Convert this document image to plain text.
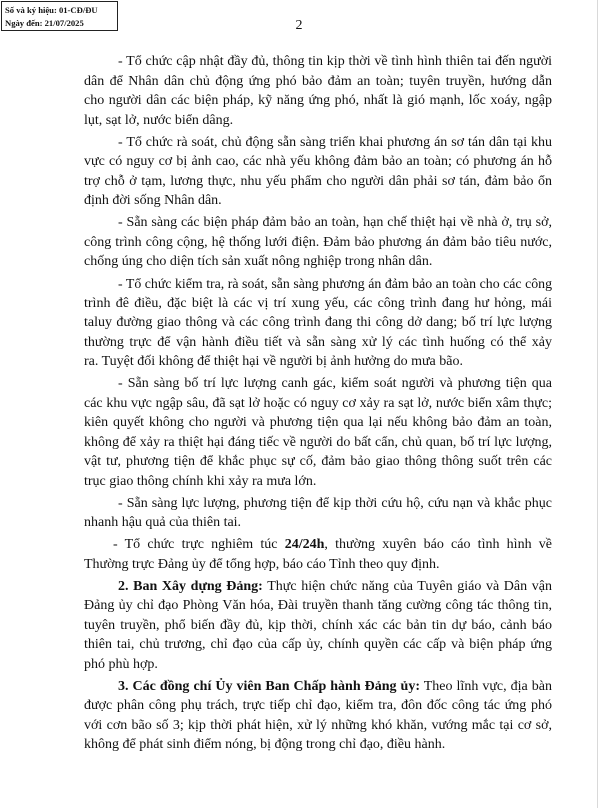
Số và ký hiệu: 01-CĐ/ĐU
Ngày đến: 21/07/2025	2
- Tổ chức cập nhật đầy đủ, thông tin kịp thời về tình hình thiên tai đến người
dân để Nhân dân chủ động ứng phó bảo đảm an toàn; tuyên truyền, hướng dẫn
cho người dân các biện pháp, kỹ năng ứng phó, nhất là gió mạnh, lốc xoáy, ngập
lụt, sạt lở, nước biển dâng.
- Tổ chức rà soát, chủ động sẵn sàng triển khai phương án sơ tán dân tại khu
vực có nguy cơ bị ảnh cao, các nhà yếu không đảm bảo an toàn; có phương án hỗ
trợ chỗ ở tạm, lương thực, nhu yếu phẩm cho người dân phải sơ tán, đảm bảo ổn
định đời sống Nhân dân.
- Sẵn sàng các biện pháp đảm bảo an toàn, hạn chế thiệt hại về nhà ở, trụ sở,
công trình công cộng, hệ thống lưới điện. Đảm bảo phương án đảm bảo tiêu nước,
chống úng cho diện tích sản xuất nông nghiệp trong nhân dân.
- Tổ chức kiểm tra, rà soát, sẵn sàng phương án đảm bảo an toàn cho các công
trình đê điều, đặc biệt là các vị trí xung yếu, các công trình đang hư hỏng, mái
taluy đường giao thông và các công trình đang thi công dở dang; bố trí lực lượng
thường trực để vận hành điều tiết và sẵn sàng xử lý các tình huống có thể xảy
ra. Tuyệt đối không để thiệt hại về người bị ảnh hưởng do mưa bão.
- Sẵn sàng bố trí lực lượng canh gác, kiểm soát người và phương tiện qua
các khu vực ngập sâu, đã sạt lở hoặc có nguy cơ xảy ra sạt lở, nước biển xâm thực;
kiên quyết không cho người và phương tiện qua lại nếu không bảo đảm an toàn,
không để xảy ra thiệt hại đáng tiếc về người do bất cẩn, chủ quan, bố trí lực lượng,
vật tư, phương tiện để khắc phục sự cố, đảm bảo giao thông thông suốt trên các
trục giao thông chính khi xảy ra mưa lớn.
- Sẵn sàng lực lượng, phương tiện để kịp thời cứu hộ, cứu nạn và khắc phục
nhanh hậu quả của thiên tai.
- Tổ chức trực nghiêm túc 24/24h, thường xuyên báo cáo tình hình về
Thường trực Đảng ủy để tổng hợp, báo cáo Tỉnh theo quy định.
2. Ban Xây dựng Đảng: Thực hiện chức năng của Tuyên giáo và Dân vận
Đảng ủy chỉ đạo Phòng Văn hóa, Đài truyền thanh tăng cường công tác thông tin,
tuyên truyền, phổ biến đầy đủ, kịp thời, chính xác các bản tin dự báo, cảnh báo
thiên tai, chủ trương, chỉ đạo của cấp ủy, chính quyền các cấp và biện pháp ứng
phó phù hợp.
3. Các đồng chí Ủy viên Ban Chấp hành Đảng ủy: Theo lĩnh vực, địa bàn
được phân công phụ trách, trực tiếp chỉ đạo, kiểm tra, đôn đốc công tác ứng phó
với cơn bão số 3; kịp thời phát hiện, xử lý những khó khăn, vướng mắc tại cơ sở,
không để phát sinh điểm nóng, bị động trong chỉ đạo, điều hành.
